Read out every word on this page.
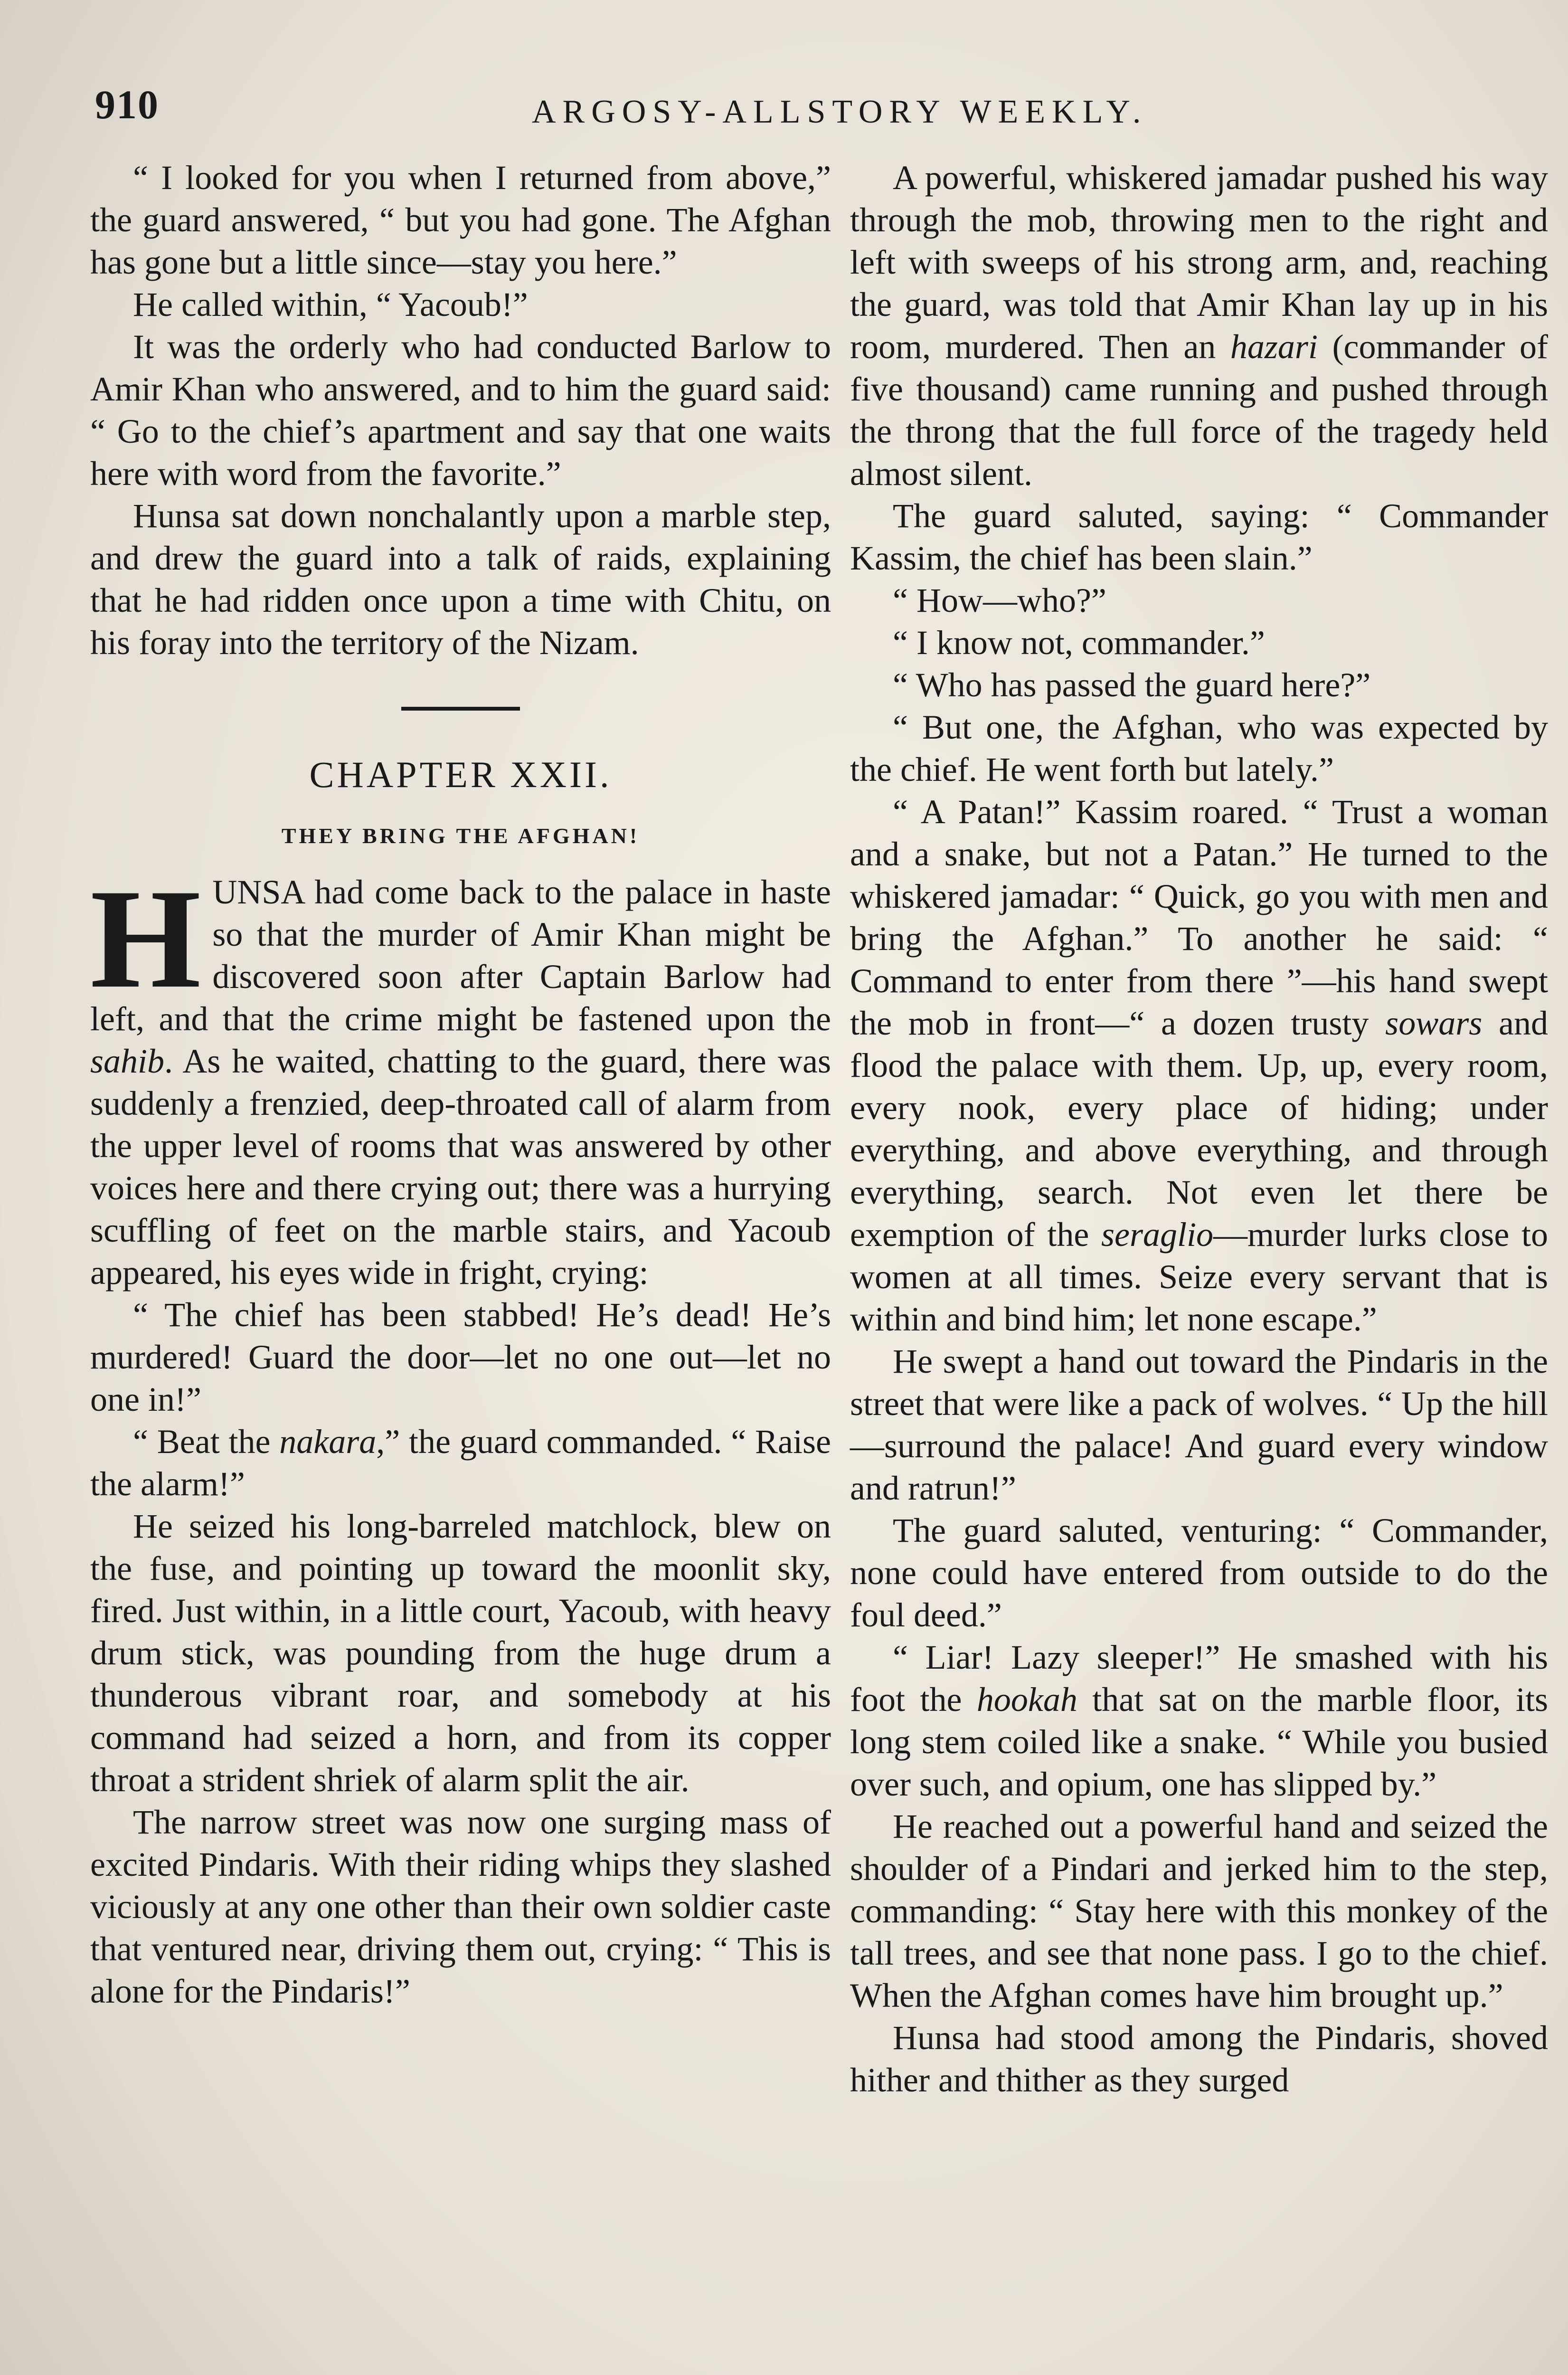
910	ARGOSY-ALLSTORY WEEKLY.

“ I looked for you when I returned from above,” the guard answered, “ but you had gone. The Afghan has gone but a little since—stay you here.”

He called within, “ Yacoub!”

It was the orderly who had conducted Barlow to Amir Khan who answered, and to him the guard said: “ Go to the chief’s apartment and say that one waits here with word from the favorite.”

Hunsa sat down nonchalantly upon a marble step, and drew the guard into a talk of raids, explaining that he had ridden once upon a time with Chitu, on his foray into the territory of the Nizam.

CHAPTER XXII.
THEY BRING THE AFGHAN!

HUNSA had come back to the palace in haste so that the murder of Amir Khan might be discovered soon after Captain Barlow had left, and that the crime might be fastened upon the sahib. As he waited, chatting to the guard, there was suddenly a frenzied, deep-throated call of alarm from the upper level of rooms that was answered by other voices here and there crying out; there was a hurrying scuffling of feet on the marble stairs, and Yacoub appeared, his eyes wide in fright, crying:

“ The chief has been stabbed! He’s dead! He’s murdered! Guard the door—let no one out—let no one in!”

“ Beat the nakara,” the guard commanded. “ Raise the alarm!”

He seized his long-barreled matchlock, blew on the fuse, and pointing up toward the moonlit sky, fired. Just within, in a little court, Yacoub, with heavy drum stick, was pounding from the huge drum a thunderous vibrant roar, and somebody at his command had seized a horn, and from its copper throat a strident shriek of alarm split the air.

The narrow street was now one surging mass of excited Pindaris. With their riding whips they slashed viciously at any one other than their own soldier caste that ventured near, driving them out, crying: “ This is alone for the Pindaris!”

A powerful, whiskered jamadar pushed his way through the mob, throwing men to the right and left with sweeps of his strong arm, and, reaching the guard, was told that Amir Khan lay up in his room, murdered. Then an hazari (commander of five thousand) came running and pushed through the throng that the full force of the tragedy held almost silent.

The guard saluted, saying: “ Commander Kassim, the chief has been slain.”

“ How—who?”

“ I know not, commander.”

“ Who has passed the guard here?”

“ But one, the Afghan, who was expected by the chief. He went forth but lately.”

“ A Patan!” Kassim roared. “ Trust a woman and a snake, but not a Patan.” He turned to the whiskered jamadar: “ Quick, go you with men and bring the Afghan.” To another he said: “ Command to enter from there ”—his hand swept the mob in front—“ a dozen trusty sowars and flood the palace with them. Up, up, every room, every nook, every place of hiding; under everything, and above everything, and through everything, search. Not even let there be exemption of the seraglio—murder lurks close to women at all times. Seize every servant that is within and bind him; let none escape.”

He swept a hand out toward the Pindaris in the street that were like a pack of wolves. “ Up the hill—surround the palace! And guard every window and ratrun!”

The guard saluted, venturing: “ Commander, none could have entered from outside to do the foul deed.”

“ Liar! Lazy sleeper!” He smashed with his foot the hookah that sat on the marble floor, its long stem coiled like a snake. “ While you busied over such, and opium, one has slipped by.”

He reached out a powerful hand and seized the shoulder of a Pindari and jerked him to the step, commanding: “ Stay here with this monkey of the tall trees, and see that none pass. I go to the chief. When the Afghan comes have him brought up.”

Hunsa had stood among the Pindaris, shoved hither and thither as they surged
